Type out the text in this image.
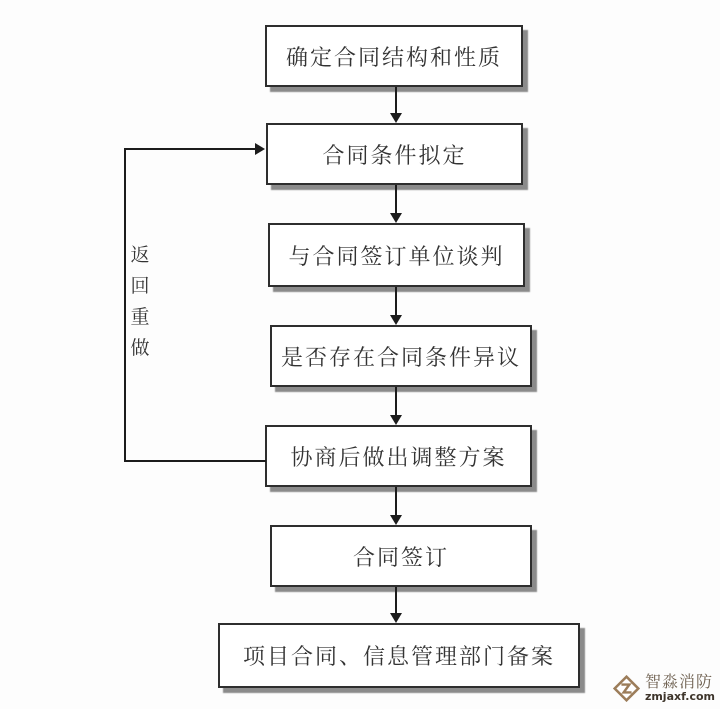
确定合同结构和性质
合同条件拟定
与合同签订单位谈判
是否存在合同条件异议
协商后做出调整方案
合同签订
项目合同、信息管理部门备案
返回重做
智淼消防
zmjaxf.com
